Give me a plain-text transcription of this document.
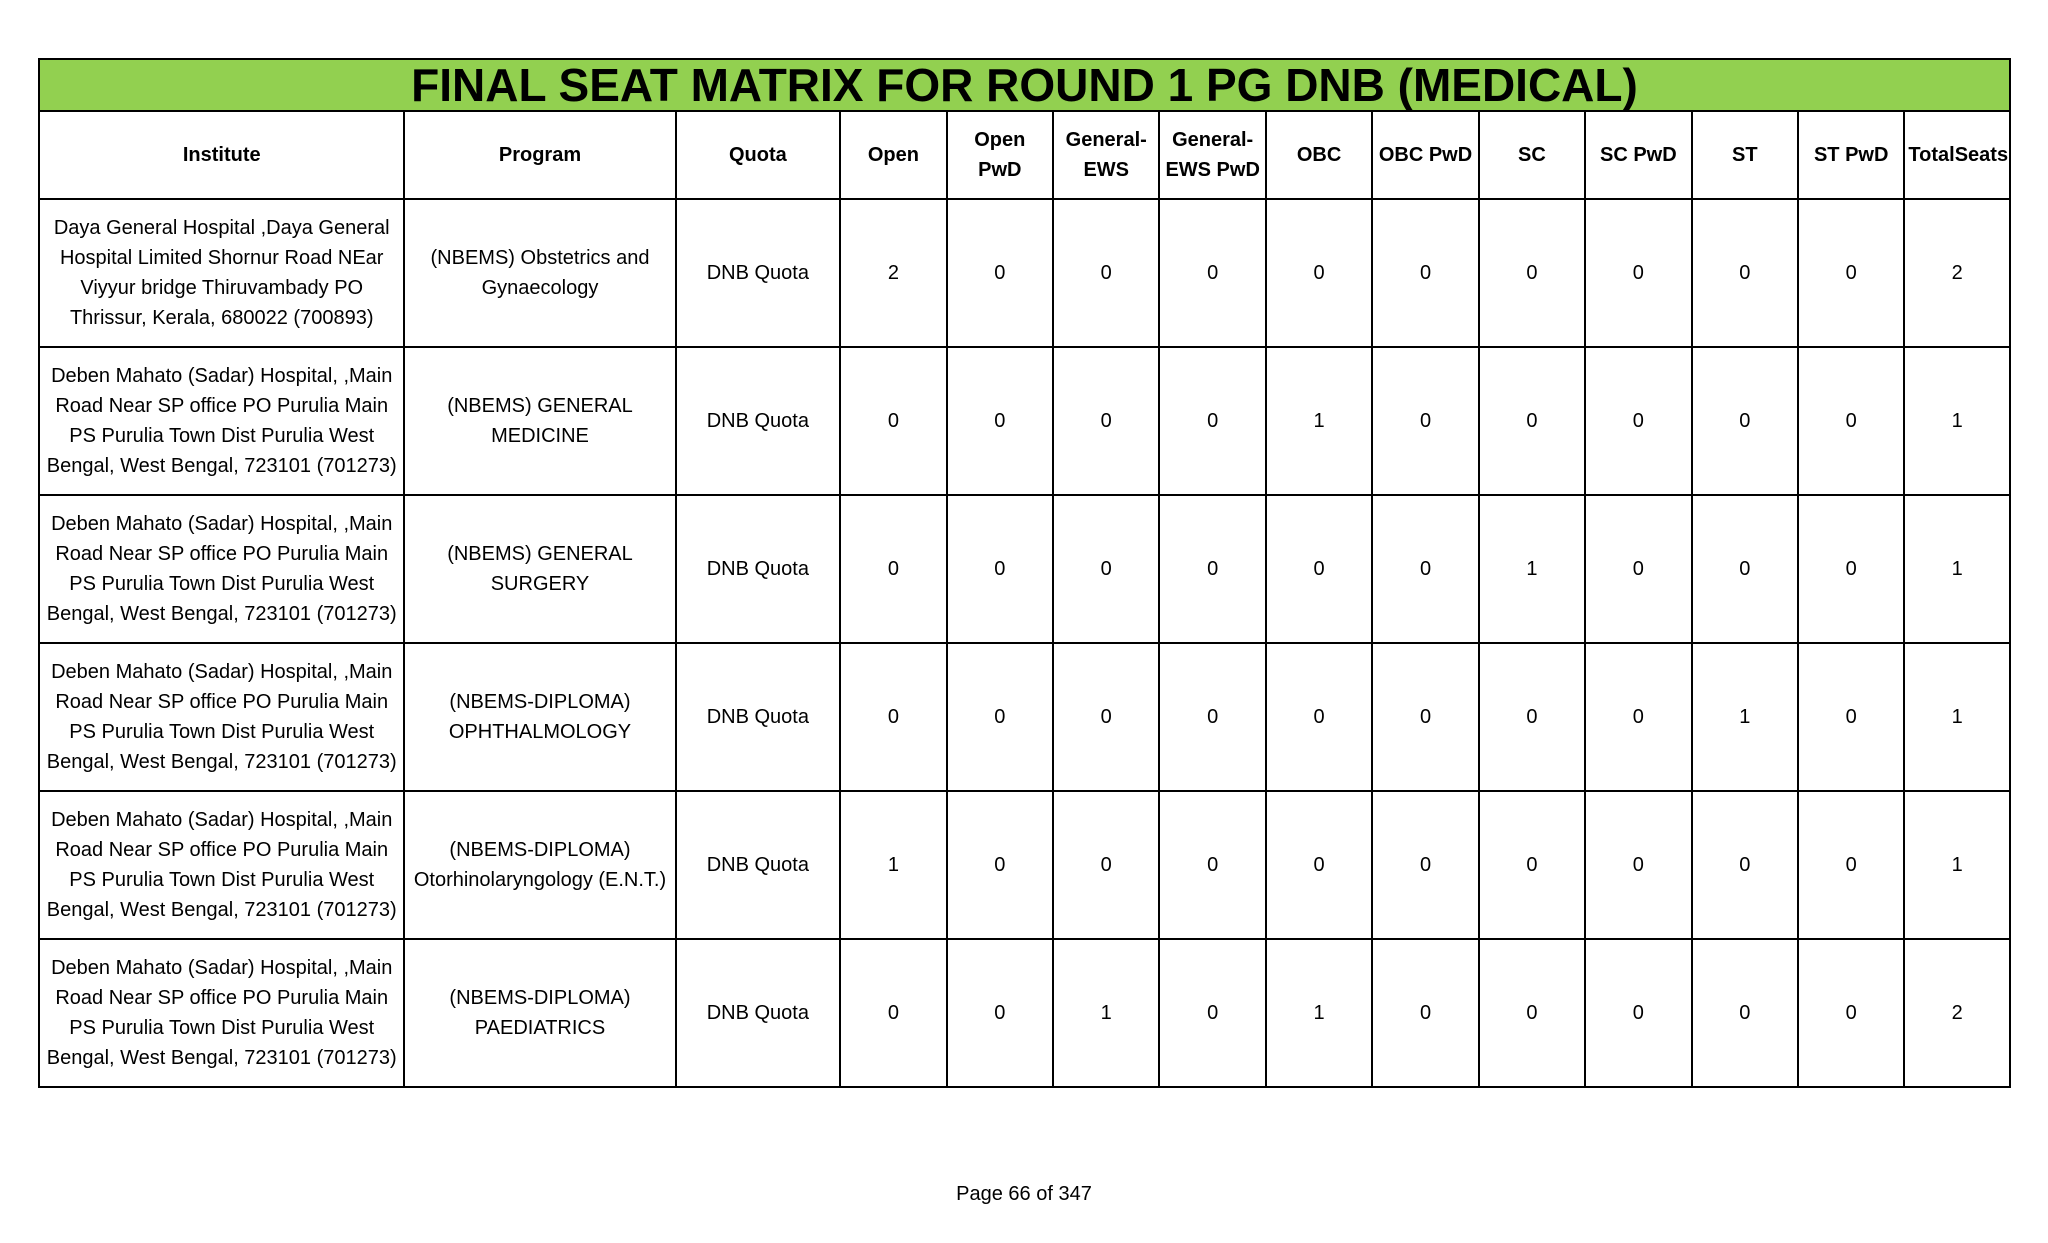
FINAL SEAT MATRIX FOR ROUND 1 PG DNB (MEDICAL)													
Institute	Program	Quota	Open	Open PwD	General-EWS	General-EWS PwD	OBC	OBC PwD	SC	SC PwD	ST	ST PwD	TotalSeats
Daya General Hospital ,Daya General Hospital Limited Shornur Road NEar Viyyur bridge Thiruvambady PO Thrissur, Kerala, 680022 (700893)	(NBEMS) Obstetrics and Gynaecology	DNB Quota	2	0	0	0	0	0	0	0	0	0	2
Deben Mahato (Sadar) Hospital, ,Main Road Near SP office PO Purulia Main PS Purulia Town Dist Purulia West Bengal, West Bengal, 723101 (701273)	(NBEMS) GENERAL MEDICINE	DNB Quota	0	0	0	0	1	0	0	0	0	0	1
Deben Mahato (Sadar) Hospital, ,Main Road Near SP office PO Purulia Main PS Purulia Town Dist Purulia West Bengal, West Bengal, 723101 (701273)	(NBEMS) GENERAL SURGERY	DNB Quota	0	0	0	0	0	0	1	0	0	0	1
Deben Mahato (Sadar) Hospital, ,Main Road Near SP office PO Purulia Main PS Purulia Town Dist Purulia West Bengal, West Bengal, 723101 (701273)	(NBEMS-DIPLOMA) OPHTHALMOLOGY	DNB Quota	0	0	0	0	0	0	0	0	1	0	1
Deben Mahato (Sadar) Hospital, ,Main Road Near SP office PO Purulia Main PS Purulia Town Dist Purulia West Bengal, West Bengal, 723101 (701273)	(NBEMS-DIPLOMA) Otorhinolaryngology (E.N.T.)	DNB Quota	1	0	0	0	0	0	0	0	0	0	1
Deben Mahato (Sadar) Hospital, ,Main Road Near SP office PO Purulia Main PS Purulia Town Dist Purulia West Bengal, West Bengal, 723101 (701273)	(NBEMS-DIPLOMA) PAEDIATRICS	DNB Quota	0	0	1	0	1	0	0	0	0	0	2
Page 66 of 347
